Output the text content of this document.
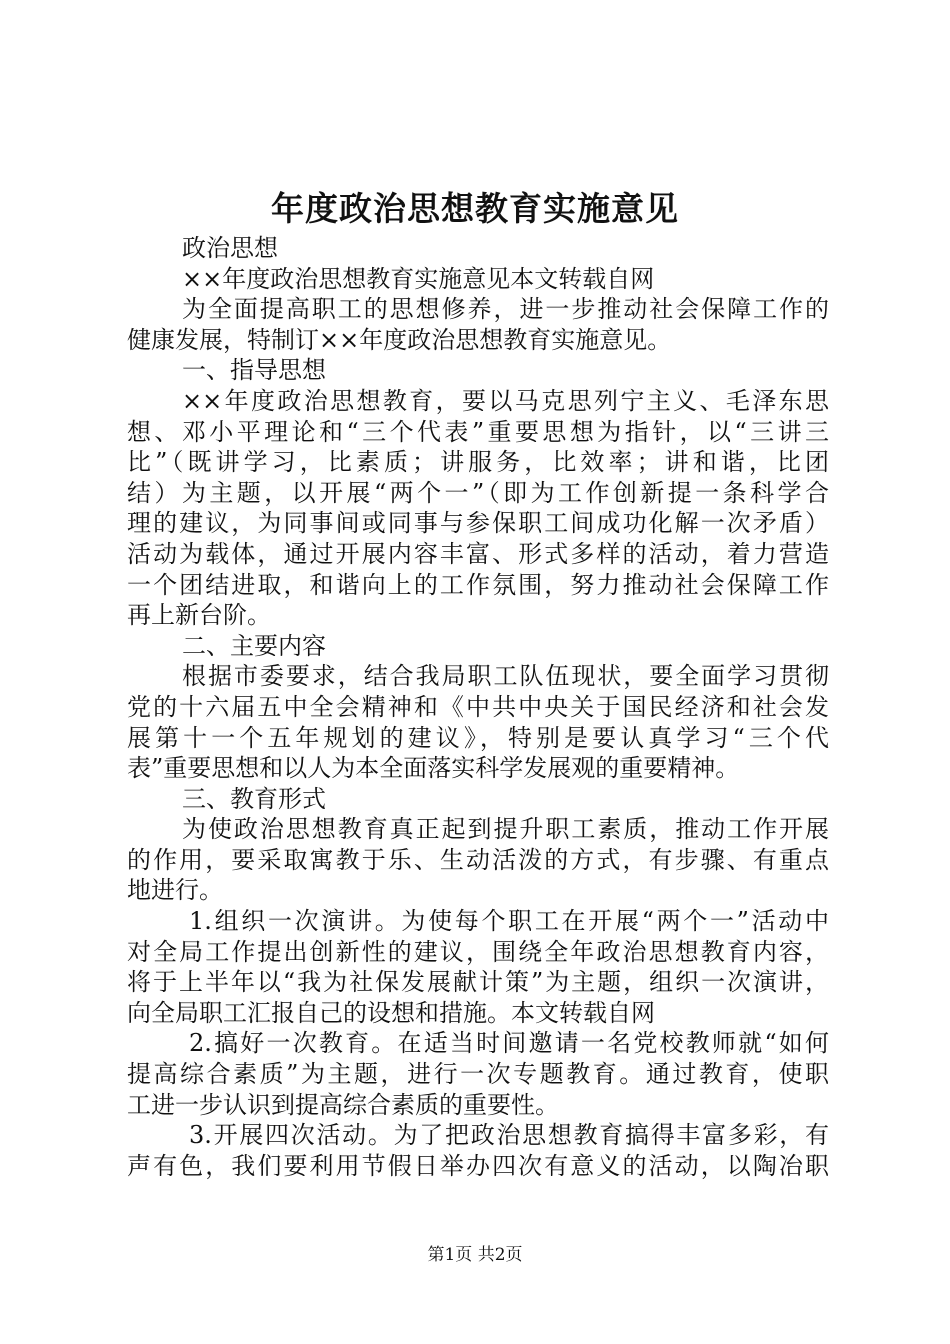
年度政治思想教育实施意见
政治思想
××年度政治思想教育实施意见本文转载自网
为全面提高职工的思想修养，进一步推动社会保障工作的
健康发展，特制订××年度政治思想教育实施意见。
一、指导思想
××年度政治思想教育，要以马克思列宁主义、毛泽东思
想、邓小平理论和“三个代表”重要思想为指针，以“三讲三
比”（既讲学习，比素质；讲服务，比效率；讲和谐，比团
结）为主题，以开展“两个一”（即为工作创新提一条科学合
理的建议，为同事间或同事与参保职工间成功化解一次矛盾）
活动为载体，通过开展内容丰富、形式多样的活动，着力营造
一个团结进取，和谐向上的工作氛围，努力推动社会保障工作
再上新台阶。
二、主要内容
根据市委要求，结合我局职工队伍现状，要全面学习贯彻
党的十六届五中全会精神和《中共中央关于国民经济和社会发
展第十一个五年规划的建议》，特别是要认真学习“三个代
表”重要思想和以人为本全面落实科学发展观的重要精神。
三、教育形式
为使政治思想教育真正起到提升职工素质，推动工作开展
的作用，要采取寓教于乐、生动活泼的方式，有步骤、有重点
地进行。
1.组织一次演讲。为使每个职工在开展“两个一”活动中
对全局工作提出创新性的建议，围绕全年政治思想教育内容，
将于上半年以“我为社保发展献计策”为主题，组织一次演讲，
向全局职工汇报自己的设想和措施。本文转载自网
2.搞好一次教育。在适当时间邀请一名党校教师就“如何
提高综合素质”为主题，进行一次专题教育。通过教育，使职
工进一步认识到提高综合素质的重要性。
3.开展四次活动。为了把政治思想教育搞得丰富多彩，有
声有色，我们要利用节假日举办四次有意义的活动，以陶冶职
第1页 共2页
